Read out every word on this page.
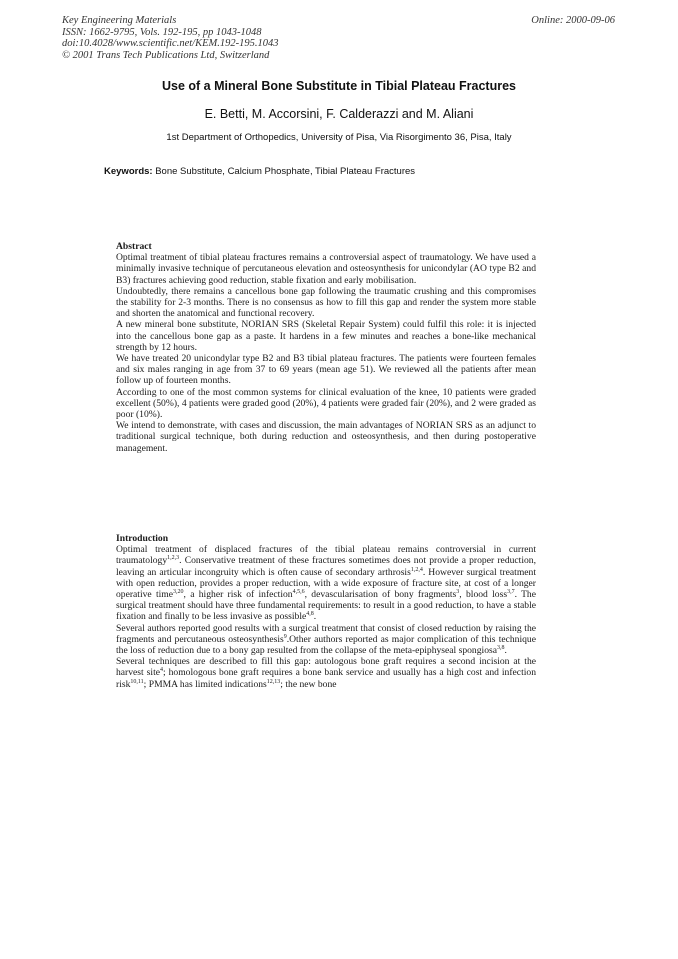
Key Engineering Materials
ISSN: 1662-9795, Vols. 192-195, pp 1043-1048
doi:10.4028/www.scientific.net/KEM.192-195.1043
© 2001 Trans Tech Publications Ltd, Switzerland
Online: 2000-09-06
Use of a Mineral Bone Substitute in Tibial Plateau Fractures
E. Betti, M. Accorsini, F. Calderazzi and M. Aliani
1st Department of Orthopedics, University of Pisa, Via Risorgimento 36, Pisa, Italy
Keywords: Bone Substitute, Calcium Phosphate, Tibial Plateau Fractures
Abstract

Optimal treatment of tibial plateau fractures remains a controversial aspect of traumatology. We have used a minimally invasive technique of percutaneous elevation and osteosynthesis for unicondylar (AO type B2 and B3) fractures achieving good reduction, stable fixation and early mobilisation.

Undoubtedly, there remains a cancellous bone gap following the traumatic crushing and this compromises the stability for 2-3 months. There is no consensus as how to fill this gap and render the system more stable and shorten the anatomical and functional recovery.

A new mineral bone substitute, NORIAN SRS (Skeletal Repair System) could fulfil this role: it is injected into the cancellous bone gap as a paste. It hardens in a few minutes and reaches a bone-like mechanical strength by 12 hours.

We have treated 20 unicondylar type B2 and B3 tibial plateau fractures. The patients were fourteen females and six males ranging in age from 37 to 69 years (mean age 51). We reviewed all the patients after mean follow up of fourteen months.

According to one of the most common systems for clinical evaluation of the knee, 10 patients were graded excellent (50%), 4 patients were graded good (20%), 4 patients were graded fair (20%), and 2 were graded as poor (10%).

We intend to demonstrate, with cases and discussion, the main advantages of NORIAN SRS as an adjunct to traditional surgical technique, both during reduction and osteosynthesis, and then during postoperative management.

Introduction

Optimal treatment of displaced fractures of the tibial plateau remains controversial in current traumatology$^{1,2,3}$. Conservative treatment of these fractures sometimes does not provide a proper reduction, leaving an articular incongruity which is often cause of secondary arthrosis$^{1,2,4}$. However surgical treatment with open reduction, provides a proper reduction, with a wide exposure of fracture site, at cost of a longer operative time$^{3,20}$, a higher risk of infection$^{4,5,6}$, devascularisation of bony fragments$^3$, blood loss$^{3,7}$. The surgical treatment should have three fundamental requirements: to result in a good reduction, to have a stable fixation and finally to be less invasive as possible$^{4,8}$.

Several authors reported good results with a surgical treatment that consist of closed reduction by raising the fragments and percutaneous osteosynthesis$^9$.Other authors reported as major complication of this technique the loss of reduction due to a bony gap resulted from the collapse of the meta-epiphyseal spongiosa$^{3,8}$.

Several techniques are described to fill this gap: autologous bone graft requires a second incision at the harvest site$^4$; homologous bone graft requires a bone bank service and usually has a high cost and infection risk$^{10,11}$; PMMA has limited indications$^{12,13}$; the new bone
